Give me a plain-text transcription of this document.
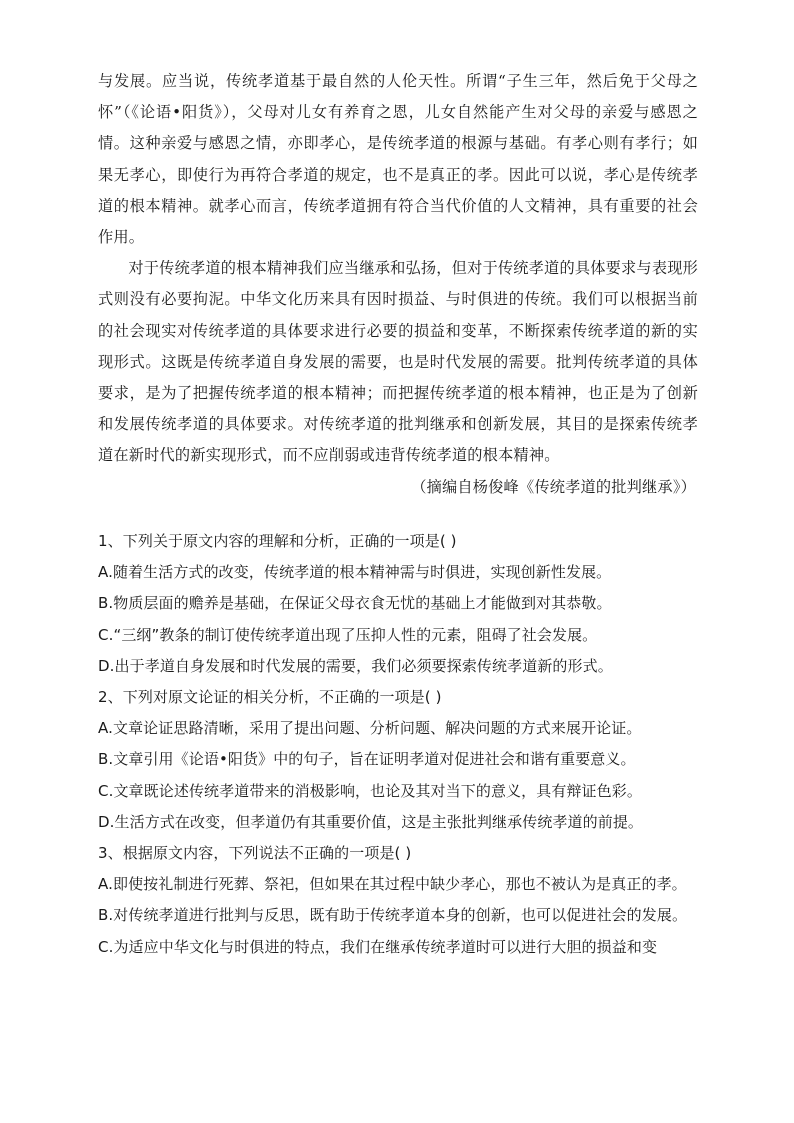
与发展。应当说，传统孝道基于最自然的人伦天性。所谓“子生三年，然后免于父母之怀”（《论语•阳货》），父母对儿女有养育之恩，儿女自然能产生对父母的亲爱与感恩之情。这种亲爱与感恩之情，亦即孝心，是传统孝道的根源与基础。有孝心则有孝行；如果无孝心，即使行为再符合孝道的规定，也不是真正的孝。因此可以说，孝心是传统孝道的根本精神。就孝心而言，传统孝道拥有符合当代价值的人文精神，具有重要的社会作用。

对于传统孝道的根本精神我们应当继承和弘扬，但对于传统孝道的具体要求与表现形式则没有必要拘泥。中华文化历来具有因时损益、与时俱进的传统。我们可以根据当前的社会现实对传统孝道的具体要求进行必要的损益和变革，不断探索传统孝道的新的实现形式。这既是传统孝道自身发展的需要，也是时代发展的需要。批判传统孝道的具体要求，是为了把握传统孝道的根本精神；而把握传统孝道的根本精神，也正是为了创新和发展传统孝道的具体要求。对传统孝道的批判继承和创新发展，其目的是探索传统孝道在新时代的新实现形式，而不应削弱或违背传统孝道的根本精神。

（摘编自杨俊峰《传统孝道的批判继承》）

1、下列关于原文内容的理解和分析，正确的一项是( )

A.随着生活方式的改变，传统孝道的根本精神需与时俱进，实现创新性发展。

B.物质层面的赡养是基础，在保证父母衣食无忧的基础上才能做到对其恭敬。

C.“三纲”教条的制订使传统孝道出现了压抑人性的元素，阻碍了社会发展。

D.出于孝道自身发展和时代发展的需要，我们必须要探索传统孝道新的形式。

2、下列对原文论证的相关分析，不正确的一项是( )

A.文章论证思路清晰，采用了提出问题、分析问题、解决问题的方式来展开论证。

B.文章引用《论语•阳货》中的句子，旨在证明孝道对促进社会和谐有重要意义。

C.文章既论述传统孝道带来的消极影响，也论及其对当下的意义，具有辩证色彩。

D.生活方式在改变，但孝道仍有其重要价值，这是主张批判继承传统孝道的前提。

3、根据原文内容，下列说法不正确的一项是( )

A.即使按礼制进行死葬、祭祀，但如果在其过程中缺少孝心，那也不被认为是真正的孝。

B.对传统孝道进行批判与反思，既有助于传统孝道本身的创新，也可以促进社会的发展。

C.为适应中华文化与时俱进的特点，我们在继承传统孝道时可以进行大胆的损益和变
